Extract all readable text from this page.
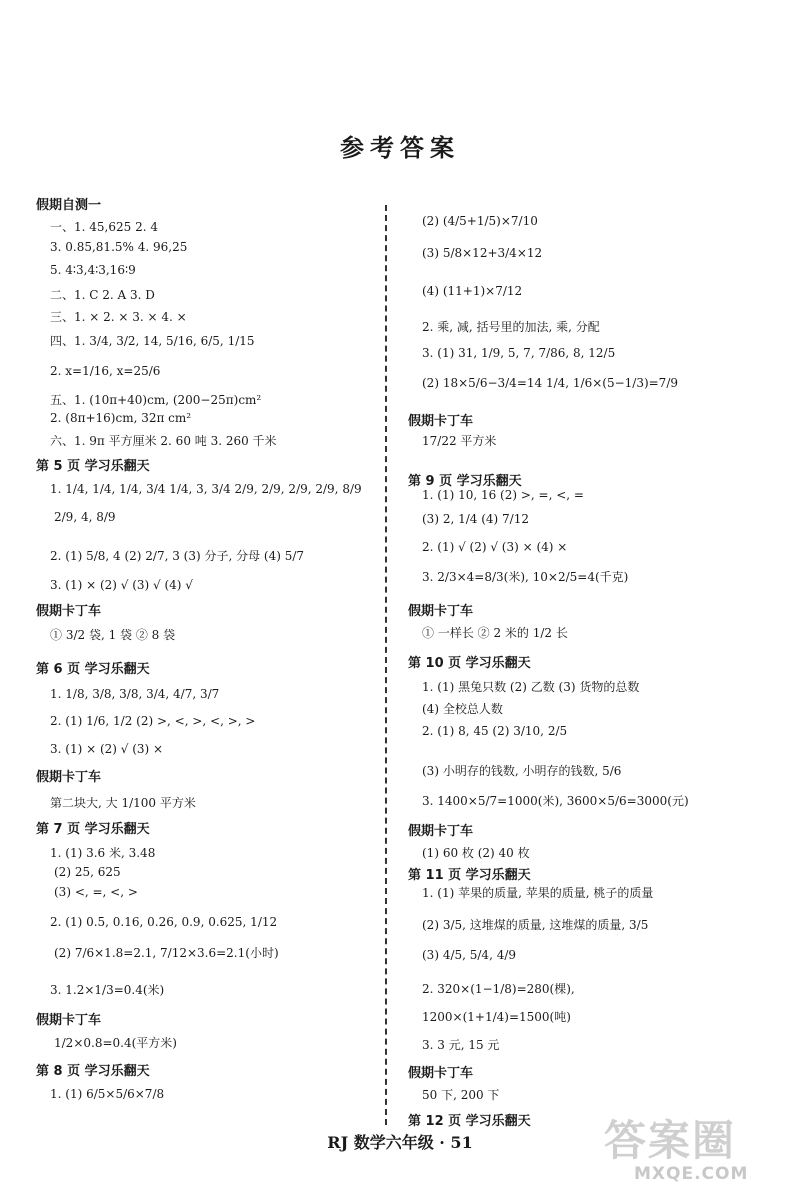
参考答案
假期自测一
一、1. 45,625 2. 4
3. 0.85,81.5% 4. 96,25
5. 4∶3,4∶3,16∶9
二、1. C 2. A 3. D
三、1. × 2. × 3. × 4. ×
四、1. 3/4, 3/2, 14, 5/16, 6/5, 1/15
2. x=1/16, x=25/6
五、1. (10π+40)cm, (200−25π)cm²
2. (8π+16)cm, 32π cm²
六、1. 9π 平方厘米 2. 60 吨 3. 260 千米
第 5 页 学习乐翻天
1. 1/4, 1/4, 1/4, 3/4 1/4, 3, 3/4 2/9, 2/9, 2/9, 2/9, 8/9
2/9, 4, 8/9
2. (1) 5/8, 4 (2) 2/7, 3 (3) 分子, 分母 (4) 5/7
3. (1) × (2) √ (3) √ (4) √
假期卡丁车
① 3/2 袋, 1 袋 ② 8 袋
第 6 页 学习乐翻天
1. 1/8, 3/8, 3/8, 3/4, 4/7, 3/7
2. (1) 1/6, 1/2 (2) >, <, >, <, >, >
3. (1) × (2) √ (3) ×
假期卡丁车
第二块大, 大 1/100 平方米
第 7 页 学习乐翻天
1. (1) 3.6 米, 3.48
(2) 25, 625
(3) <, =, <, >
2. (1) 0.5, 0.16, 0.26, 0.9, 0.625, 1/12
(2) 7/6×1.8=2.1, 7/12×3.6=2.1(小时)
3. 1.2×1/3=0.4(米)
假期卡丁车
1/2×0.8=0.4(平方米)
第 8 页 学习乐翻天
1. (1) 6/5×5/6×7/8
(2) (4/5+1/5)×7/10
(3) 5/8×12+3/4×12
(4) (11+1)×7/12
2. 乘, 减, 括号里的加法, 乘, 分配
3. (1) 31, 1/9, 5, 7, 7/86, 8, 12/5
(2) 18×5/6−3/4=14 1/4, 1/6×(5−1/3)=7/9
假期卡丁车
17/22 平方米
第 9 页 学习乐翻天
1. (1) 10, 16 (2) >, =, <, =
(3) 2, 1/4 (4) 7/12
2. (1) √ (2) √ (3) × (4) ×
3. 2/3×4=8/3(米), 10×2/5=4(千克)
假期卡丁车
① 一样长 ② 2 米的 1/2 长
第 10 页 学习乐翻天
1. (1) 黑兔只数 (2) 乙数 (3) 货物的总数
(4) 全校总人数
2. (1) 8, 45 (2) 3/10, 2/5
(3) 小明存的钱数, 小明存的钱数, 5/6
3. 1400×5/7=1000(米), 3600×5/6=3000(元)
假期卡丁车
(1) 60 枚 (2) 40 枚
第 11 页 学习乐翻天
1. (1) 苹果的质量, 苹果的质量, 桃子的质量
(2) 3/5, 这堆煤的质量, 这堆煤的质量, 3/5
(3) 4/5, 5/4, 4/9
2. 320×(1−1/8)=280(棵),
1200×(1+1/4)=1500(吨)
3. 3 元, 15 元
假期卡丁车
50 下, 200 下
第 12 页 学习乐翻天
RJ 数学六年级 · 51	答案圈
MXQE.COM
